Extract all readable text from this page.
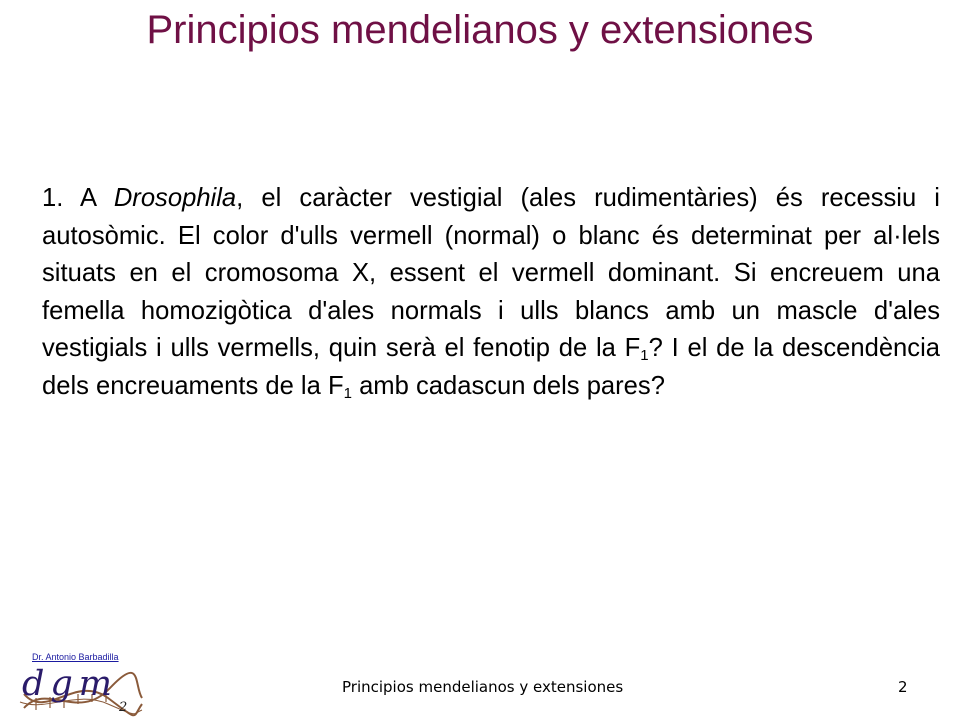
Principios mendelianos y extensiones

1. A Drosophila, el caràcter vestigial (ales rudimentàries) és recessiu i autosòmic. El color d'ulls vermell (normal) o blanc és determinat per al·lels situats en el cromosoma X, essent el vermell dominant. Si encreuem una femella homozigòtica d'ales normals i ulls blancs amb un mascle d'ales vestigials i ulls vermells, quin serà el fenotip de la $F_1$? I el de la descendència dels encreuaments de la $F_1$ amb cadascun dels pares?

Dr. Antonio Barbadilla
dgm
2
Principios mendelianos y extensiones	2
